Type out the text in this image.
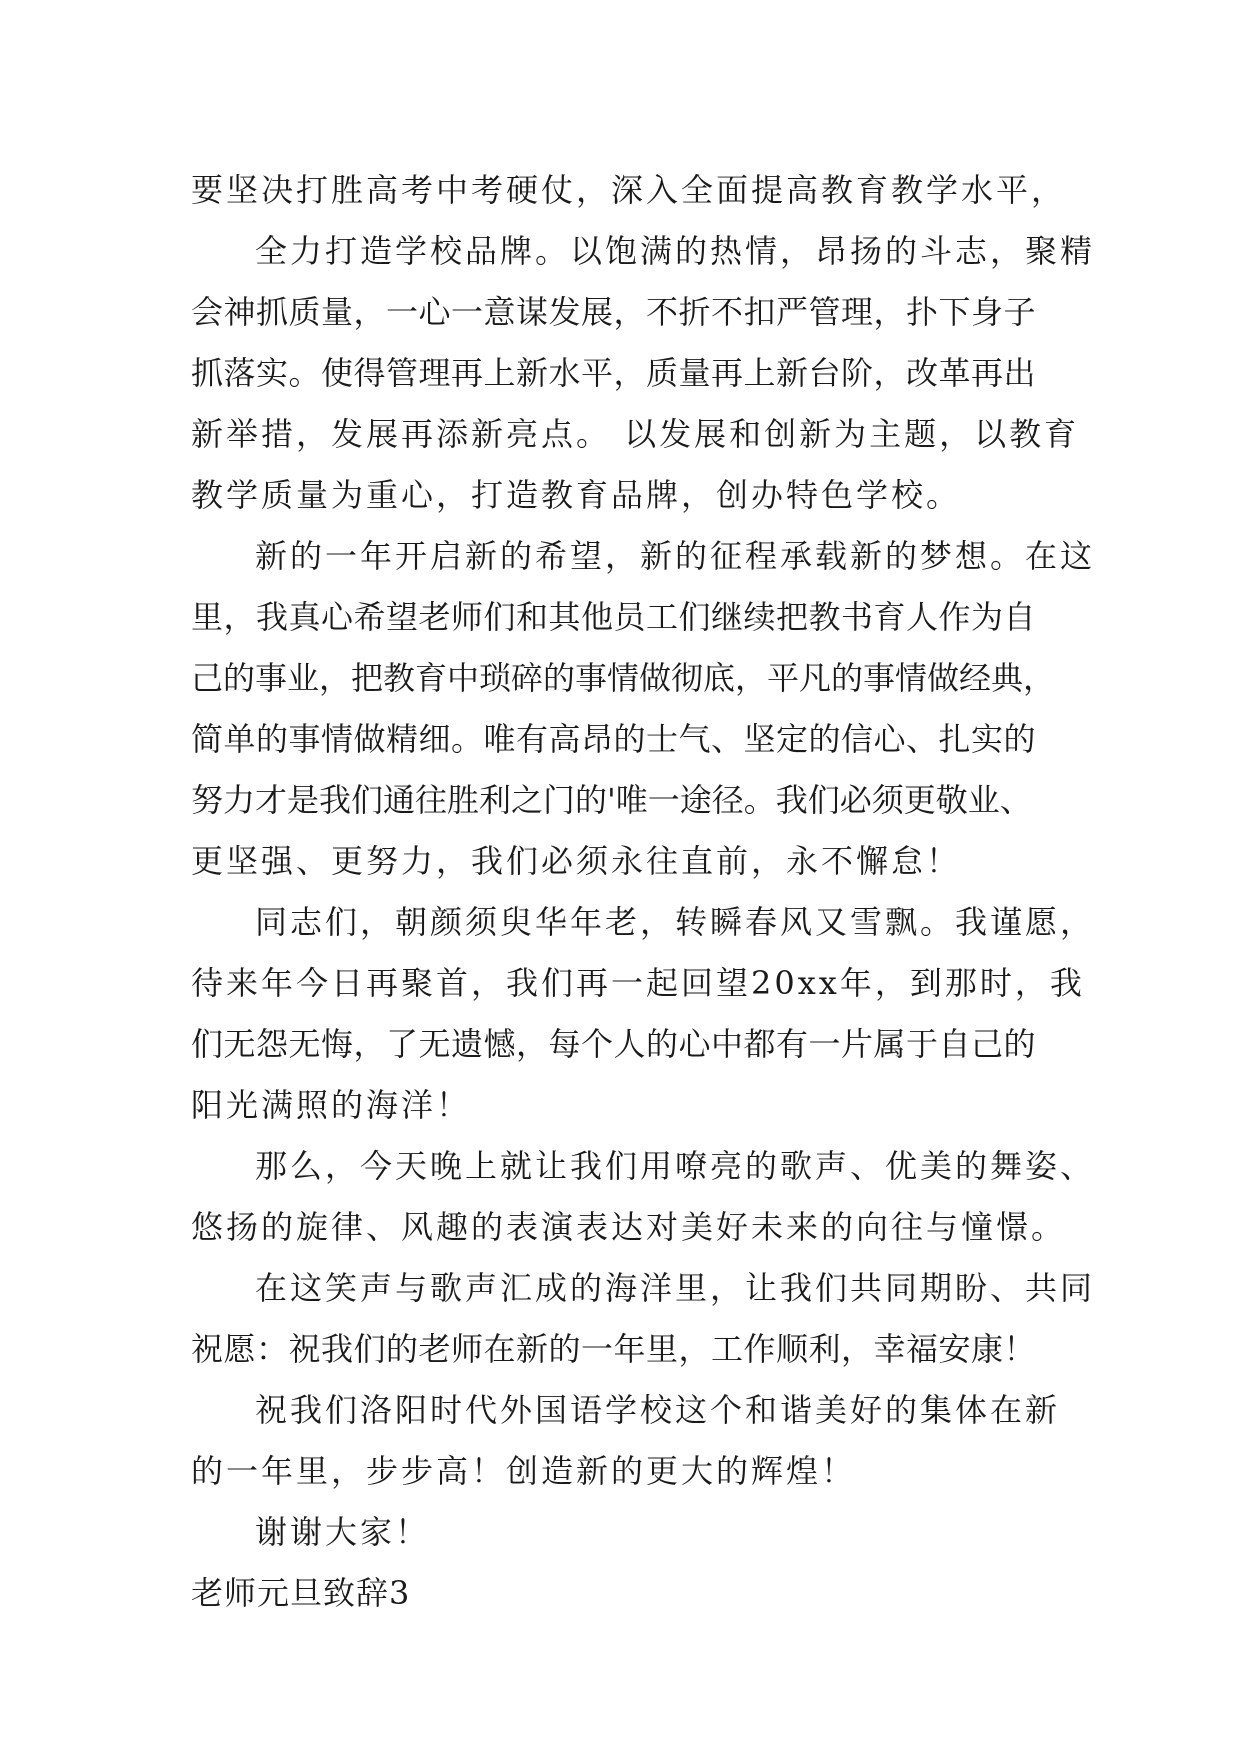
要坚决打胜高考中考硬仗，深入全面提高教育教学水平，
全力打造学校品牌。以饱满的热情，昂扬的斗志，聚精
会神抓质量，一心一意谋发展，不折不扣严管理，扑下身子
抓落实。使得管理再上新水平，质量再上新台阶，改革再出
新举措，发展再添新亮点。 以发展和创新为主题，以教育
教学质量为重心，打造教育品牌，创办特色学校。
新的一年开启新的希望，新的征程承载新的梦想。在这
里，我真心希望老师们和其他员工们继续把教书育人作为自
己的事业，把教育中琐碎的事情做彻底，平凡的事情做经典，
简单的事情做精细。唯有高昂的士气、坚定的信心、扎实的
努力才是我们通往胜利之门的'唯一途径。我们必须更敬业、
更坚强、更努力，我们必须永往直前，永不懈怠！
同志们，朝颜须臾华年老，转瞬春风又雪飘。我谨愿，
待来年今日再聚首，我们再一起回望20xx年，到那时，我
们无怨无悔，了无遗憾，每个人的心中都有一片属于自己的
阳光满照的海洋！
那么，今天晚上就让我们用嘹亮的歌声、优美的舞姿、
悠扬的旋律、风趣的表演表达对美好未来的向往与憧憬。
在这笑声与歌声汇成的海洋里，让我们共同期盼、共同
祝愿：祝我们的老师在新的一年里，工作顺利，幸福安康！
祝我们洛阳时代外国语学校这个和谐美好的集体在新
的一年里，步步高！创造新的更大的辉煌！
谢谢大家！
老师元旦致辞3
